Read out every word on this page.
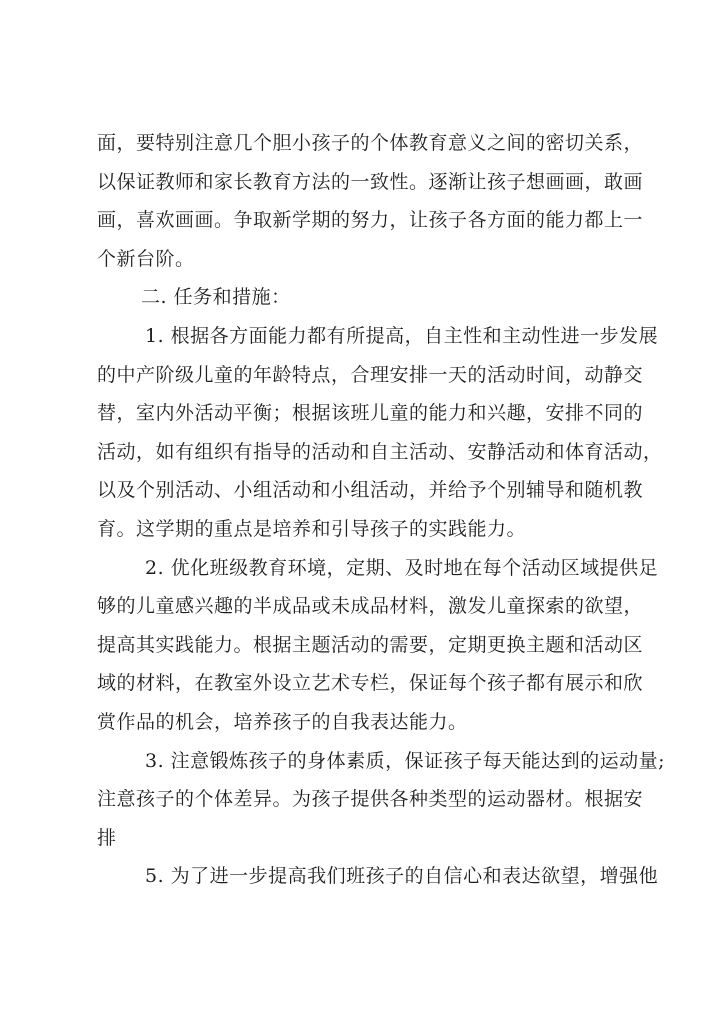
面，要特别注意几个胆小孩子的个体教育意义之间的密切关系，
以保证教师和家长教育方法的一致性。逐渐让孩子想画画，敢画
画，喜欢画画。争取新学期的努力，让孩子各方面的能力都上一
个新台阶。
二. 任务和措施：
1. 根据各方面能力都有所提高，自主性和主动性进一步发展
的中产阶级儿童的年龄特点，合理安排一天的活动时间，动静交
替，室内外活动平衡；根据该班儿童的能力和兴趣，安排不同的
活动，如有组织有指导的活动和自主活动、安静活动和体育活动，
以及个别活动、小组活动和小组活动，并给予个别辅导和随机教
育。这学期的重点是培养和引导孩子的实践能力。
2. 优化班级教育环境，定期、及时地在每个活动区域提供足
够的儿童感兴趣的半成品或未成品材料，激发儿童探索的欲望，
提高其实践能力。根据主题活动的需要，定期更换主题和活动区
域的材料，在教室外设立艺术专栏，保证每个孩子都有展示和欣
赏作品的机会，培养孩子的自我表达能力。
3. 注意锻炼孩子的身体素质，保证孩子每天能达到的运动量;
注意孩子的个体差异。为孩子提供各种类型的运动器材。根据安
排
5. 为了进一步提高我们班孩子的自信心和表达欲望，增强他
